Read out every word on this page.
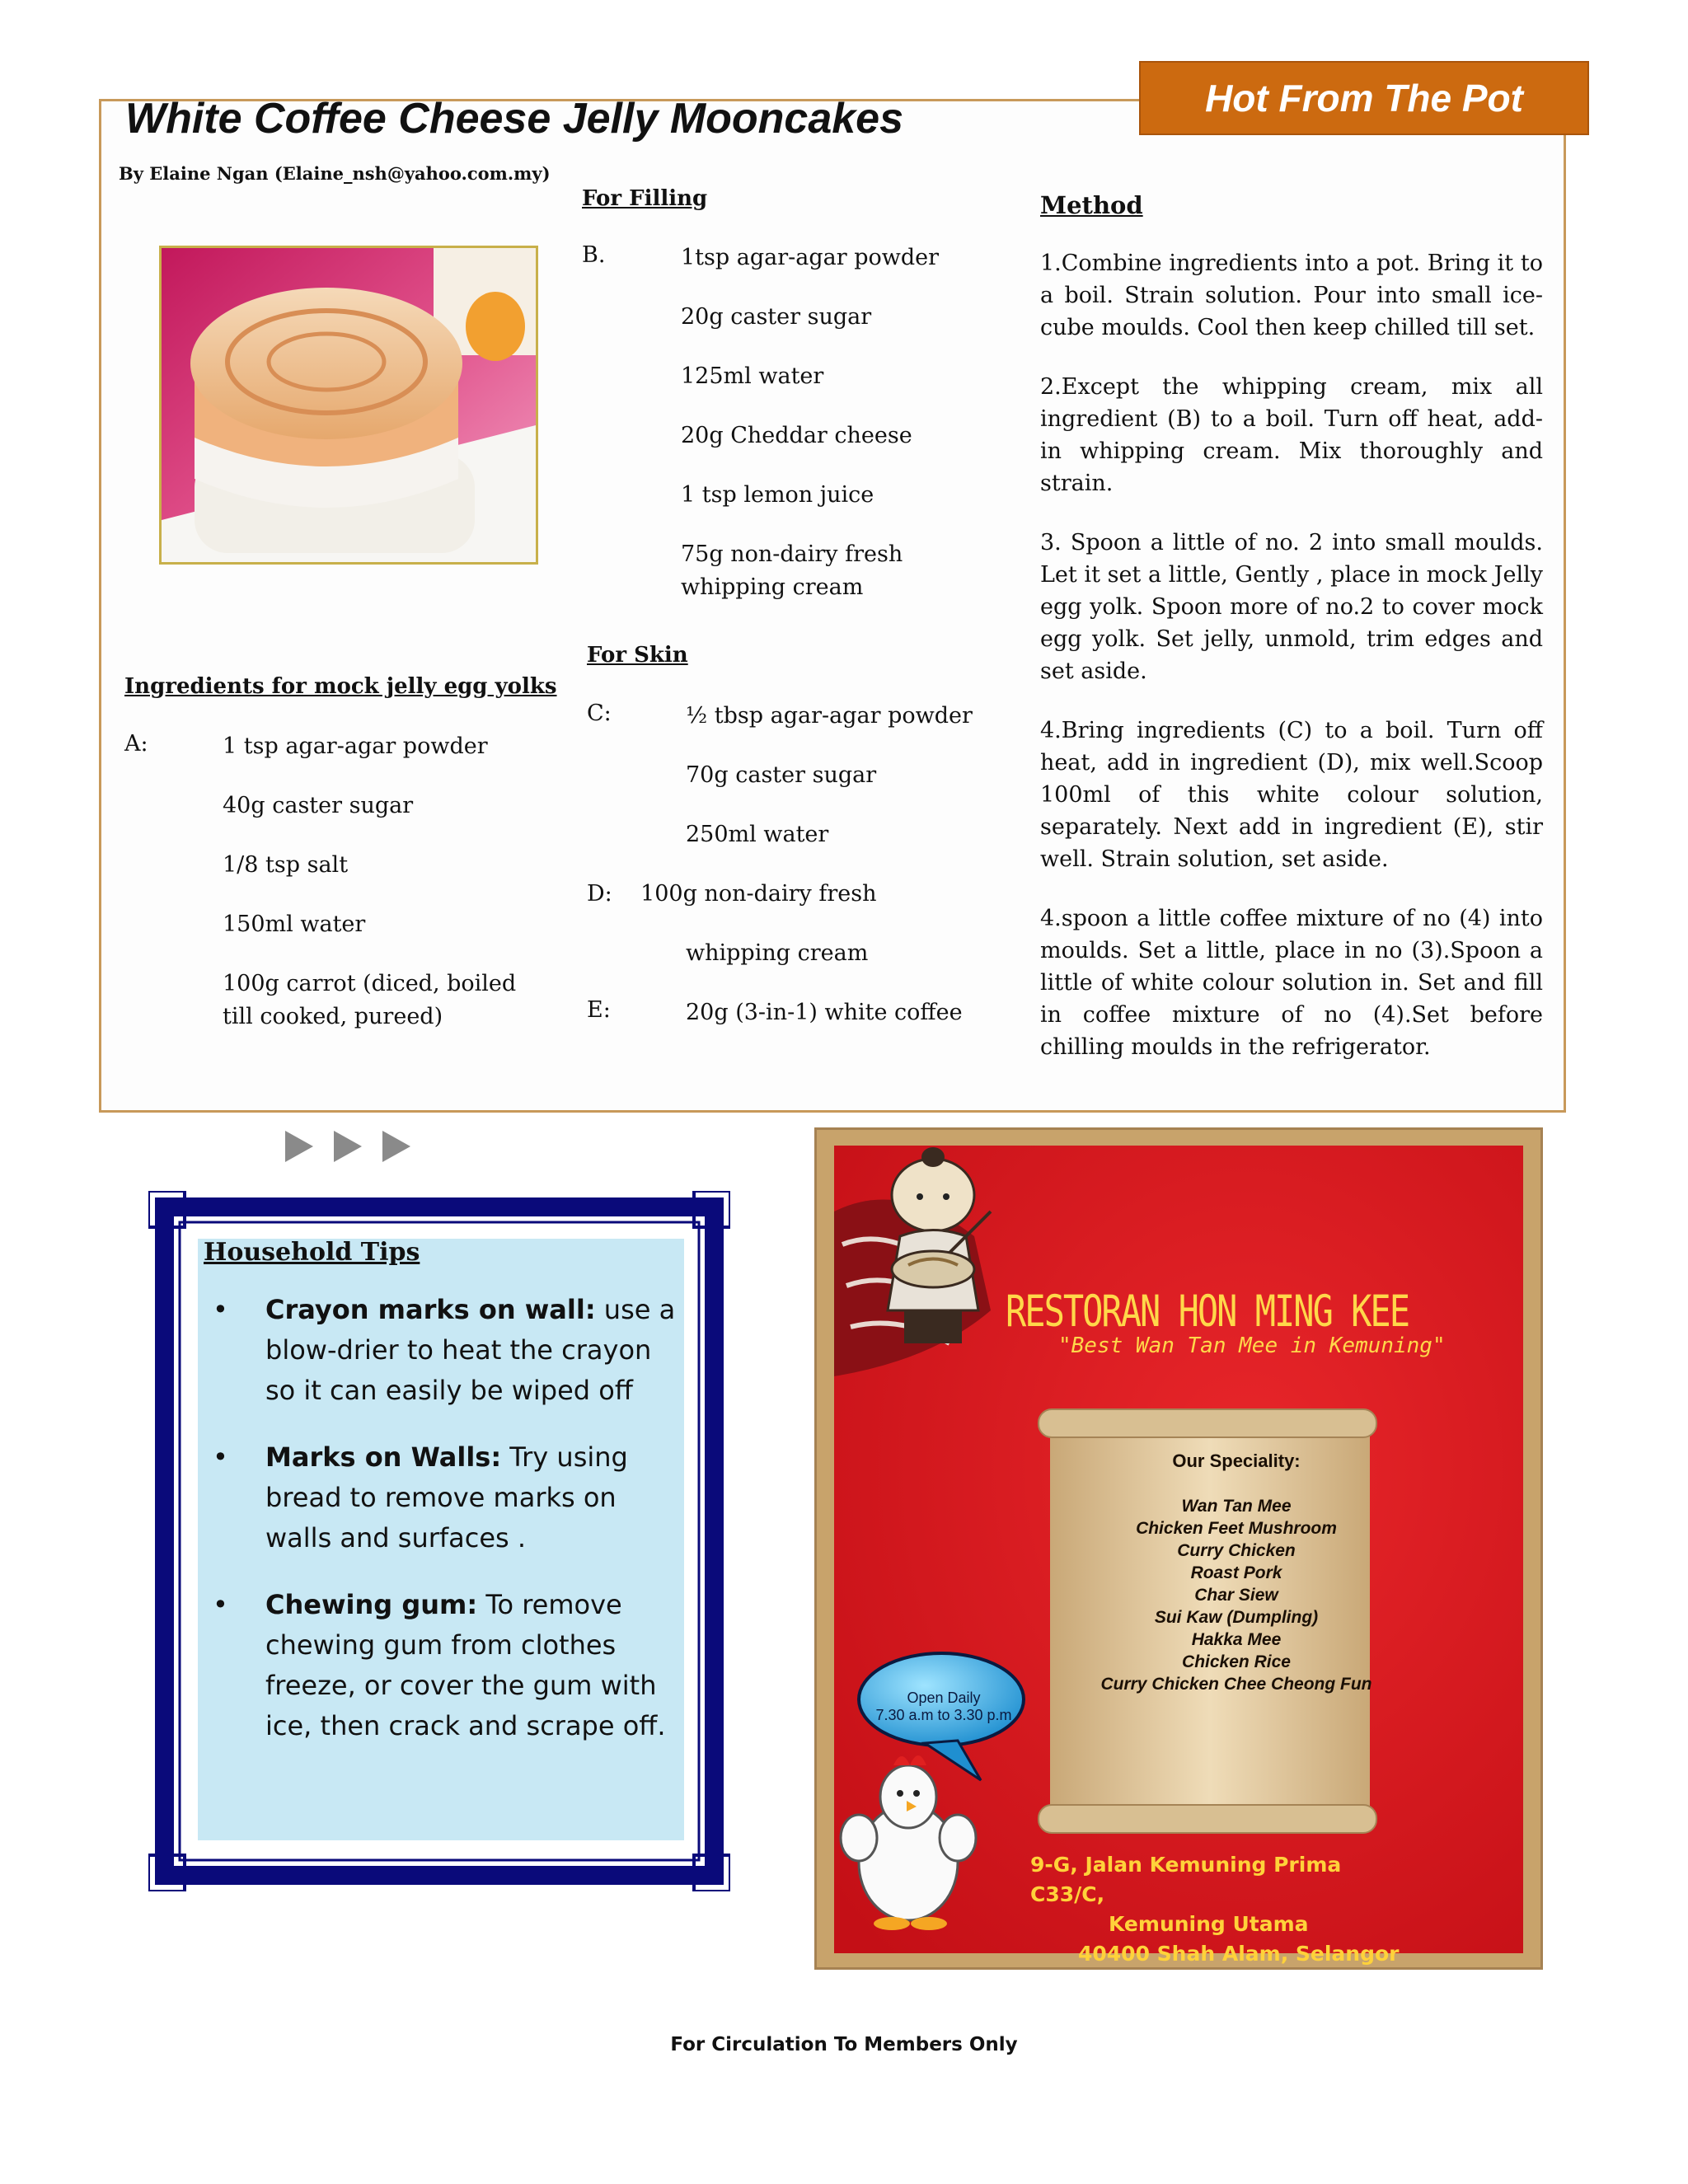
Hot From The Pot
White Coffee Cheese Jelly Mooncakes
By Elaine Ngan (Elaine_nsh@yahoo.com.my)
Ingredients for mock jelly egg yolks
A:	1 tsp agar-agar powder
40g caster sugar
1/8 tsp salt
150ml water
100g carrot (diced, boiled till cooked, pureed)
For Filling
B.	1tsp agar-agar powder
20g caster sugar
125ml water
20g Cheddar cheese
1 tsp lemon juice
75g non-dairy fresh whipping cream
For Skin
C:	½ tbsp agar-agar powder
70g caster sugar
250ml water
D:    100g non-dairy fresh
whipping cream
E:	20g (3-in-1) white coffee
Method

1.Combine ingredients into a pot. Bring it to a boil. Strain solution. Pour into small ice-cube moulds. Cool then keep chilled till set.

2.Except the whipping cream, mix all ingredient (B) to a boil. Turn off heat, add-in whipping cream. Mix thoroughly and strain.

3. Spoon a little of no. 2 into small moulds. Let it set a little, Gently , place in mock Jelly egg yolk. Spoon more of no.2 to cover mock egg yolk. Set jelly, unmold, trim edges and set aside.

4.Bring ingredients (C) to a boil. Turn off heat, add in ingredient (D), mix well.Scoop 100ml of this white colour solution, separately. Next add in ingredient (E), stir well. Strain solution, set aside.

4.spoon a little coffee mixture of no (4) into moulds. Set a little, place in no (3).Spoon a little of white colour solution in. Set and fill in coffee mixture of no (4).Set before chilling moulds in the refrigerator.

Household Tips
• Crayon marks on wall: use a blow-drier to heat the crayon so it can easily be wiped off
• Marks on Walls: Try using bread to remove marks on walls and surfaces .
• Chewing gum: To remove chewing gum from clothes freeze, or cover the gum with ice, then crack and scrape off.
RESTORAN HON MING KEE
"Best Wan Tan Mee in Kemuning"
Our Speciality:
Wan Tan Mee
Chicken Feet Mushroom
Curry Chicken
Roast Pork
Char Siew
Sui Kaw (Dumpling)
Hakka Mee
Chicken Rice
Curry Chicken Chee Cheong Fun
Open Daily
7.30 a.m to 3.30 p.m
9-G, Jalan Kemuning Prima C33/C,
Kemuning Utama
40400 Shah Alam, Selangor
For Circulation To Members Only
